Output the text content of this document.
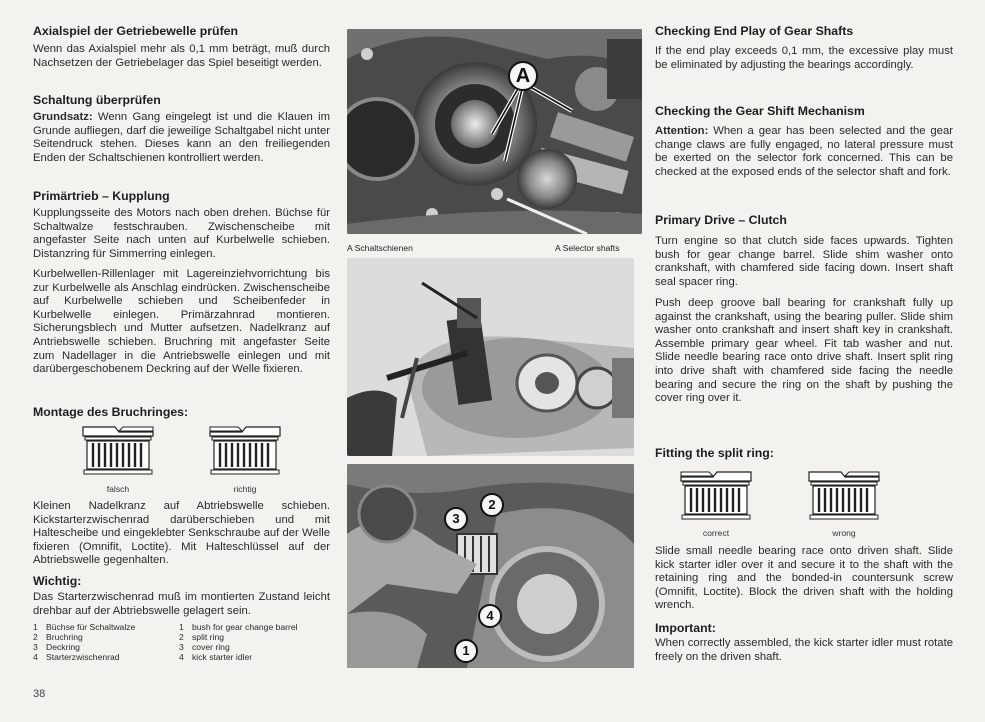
Axialspiel der Getriebewelle prüfen

Wenn das Axialspiel mehr als 0,1 mm beträgt, muß durch Nachsetzen der Getriebelager das Spiel beseitigt werden.

Schaltung überprüfen

Grundsatz: Wenn Gang eingelegt ist und die Klauen im Grunde aufliegen, darf die jeweilige Schaltgabel nicht unter Seitendruck stehen. Dieses kann an den freiliegenden Enden der Schaltschienen kontrolliert werden.

Primärtrieb – Kupplung

Kupplungsseite des Motors nach oben drehen. Büchse für Schaltwalze festschrauben. Zwischenscheibe mit angefaster Seite nach unten auf Kurbelwelle schieben. Distanzring für Simmerring einlegen.

Kurbelwellen-Rillenlager mit Lagereinziehvorrichtung bis zur Kurbelwelle als Anschlag eindrücken. Zwischenscheibe auf Kurbelwelle schieben und Scheibenfeder in Kurbelwelle einlegen. Primärzahnrad montieren. Sicherungsblech und Mutter aufsetzen. Nadelkranz auf Antriebswelle schieben. Bruchring mit angefaster Seite zum Nadellager in die Antriebswelle einlegen und mit darübergeschobenem Deckring auf der Welle fixieren.

Montage des Bruchringes:
falsch	richtig

Kleinen Nadelkranz auf Abtriebswelle schieben. Kickstarterzwischenrad darüberschieben und mit Haltescheibe und eingeklebter Senkschraube auf der Welle fixieren (Omnifit, Loctite). Mit Halteschlüssel auf der Abtriebswelle gegenhalten.

Wichtig:

Das Starterzwischenrad muß im montierten Zustand leicht drehbar auf der Abtriebswelle gelagert sein.

1 Büchse für Schaltwalze	1 bush for gear change barrel
2 Bruchring	2 split ring
3 Deckring	3 cover ring
4 Starterzwischenrad	4 kick starter idler
38
A
A Schaltschienen	A Selector shafts
1
2
3
4
Checking End Play of Gear Shafts

If the end play exceeds 0,1 mm, the excessive play must be eliminated by adjusting the bearings accordingly.

Checking the Gear Shift Mechanism

Attention: When a gear has been selected and the gear change claws are fully engaged, no lateral pressure must be exerted on the selector fork concerned. This can be checked at the exposed ends of the selector shaft and fork.

Primary Drive – Clutch

Turn engine so that clutch side faces upwards. Tighten bush for gear change barrel. Slide shim washer onto crankshaft, with chamfered side facing down. Insert shaft seal spacer ring.

Push deep groove ball bearing for crankshaft fully up against the crankshaft, using the bearing puller. Slide shim washer onto crankshaft and insert shaft key in crankshaft. Assemble primary gear wheel. Fit tab washer and nut. Slide needle bearing race onto drive shaft. Insert split ring into drive shaft with chamfered side facing the needle bearing and secure the ring on the shaft by pushing the cover ring over it.

Fitting the split ring:
correct	wrong

Slide small needle bearing race onto driven shaft. Slide kick starter idler over it and secure it to the shaft with the retaining ring and the bonded-in countersunk screw (Omnifit, Loctite). Block the driven shaft with the holding wrench.

Important:

When correctly assembled, the kick starter idler must rotate freely on the driven shaft.
